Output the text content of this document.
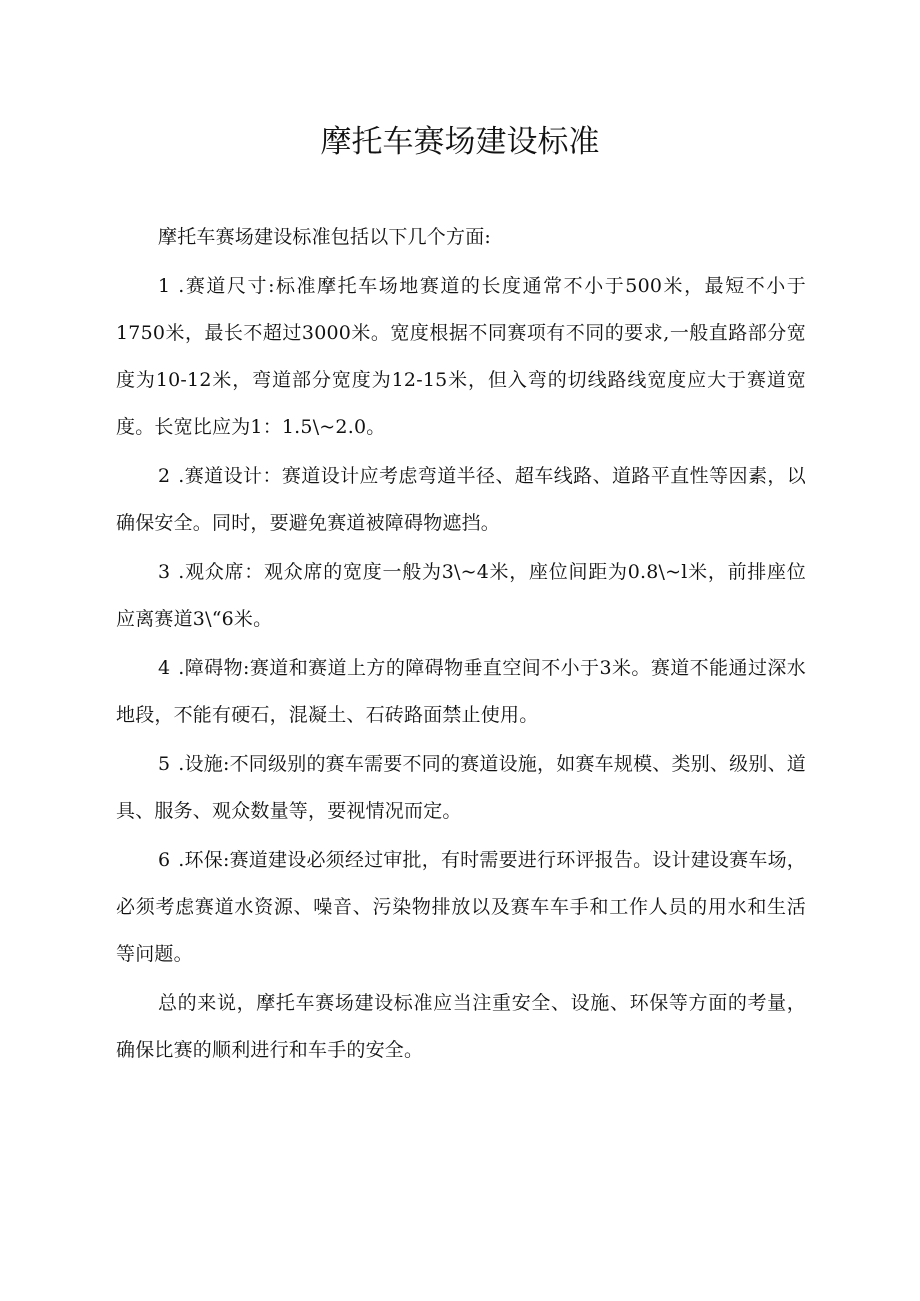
摩托车赛场建设标准

摩托车赛场建设标准包括以下几个方面:

1 .赛道尺寸:标准摩托车场地赛道的长度通常不小于500米，最短不小于1750米，最长不超过3000米。宽度根据不同赛项有不同的要求,一般直路部分宽度为10-12米，弯道部分宽度为12-15米，但入弯的切线路线宽度应大于赛道宽度。长宽比应为1：1.5\~2.0。

2 .赛道设计：赛道设计应考虑弯道半径、超车线路、道路平直性等因素，以确保安全。同时，要避免赛道被障碍物遮挡。

3 .观众席：观众席的宽度一般为3\~4米，座位间距为0.8\~l米，前排座位应离赛道3\“6米。

4 .障碍物:赛道和赛道上方的障碍物垂直空间不小于3米。赛道不能通过深水地段，不能有硬石，混凝土、石砖路面禁止使用。

5 .设施:不同级别的赛车需要不同的赛道设施，如赛车规模、类别、级别、道具、服务、观众数量等，要视情况而定。

6 .环保:赛道建设必须经过审批，有时需要进行环评报告。设计建设赛车场，必须考虑赛道水资源、噪音、污染物排放以及赛车车手和工作人员的用水和生活等问题。

总的来说，摩托车赛场建设标准应当注重安全、设施、环保等方面的考量，确保比赛的顺利进行和车手的安全。
